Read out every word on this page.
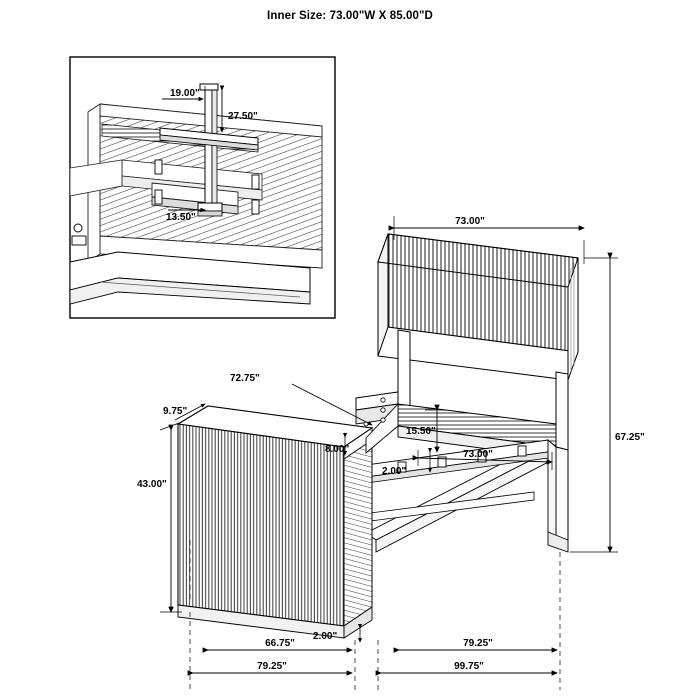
Inner Size: 73.00"W X 85.00"D
19.00"
27.50"
13.50"	73.00"
67.25"
73.00"
15.50"
2.00"
8.00"
72.75"
9.75"
43.00"
2.00"
66.75"
79.25"
79.25"
99.75"
